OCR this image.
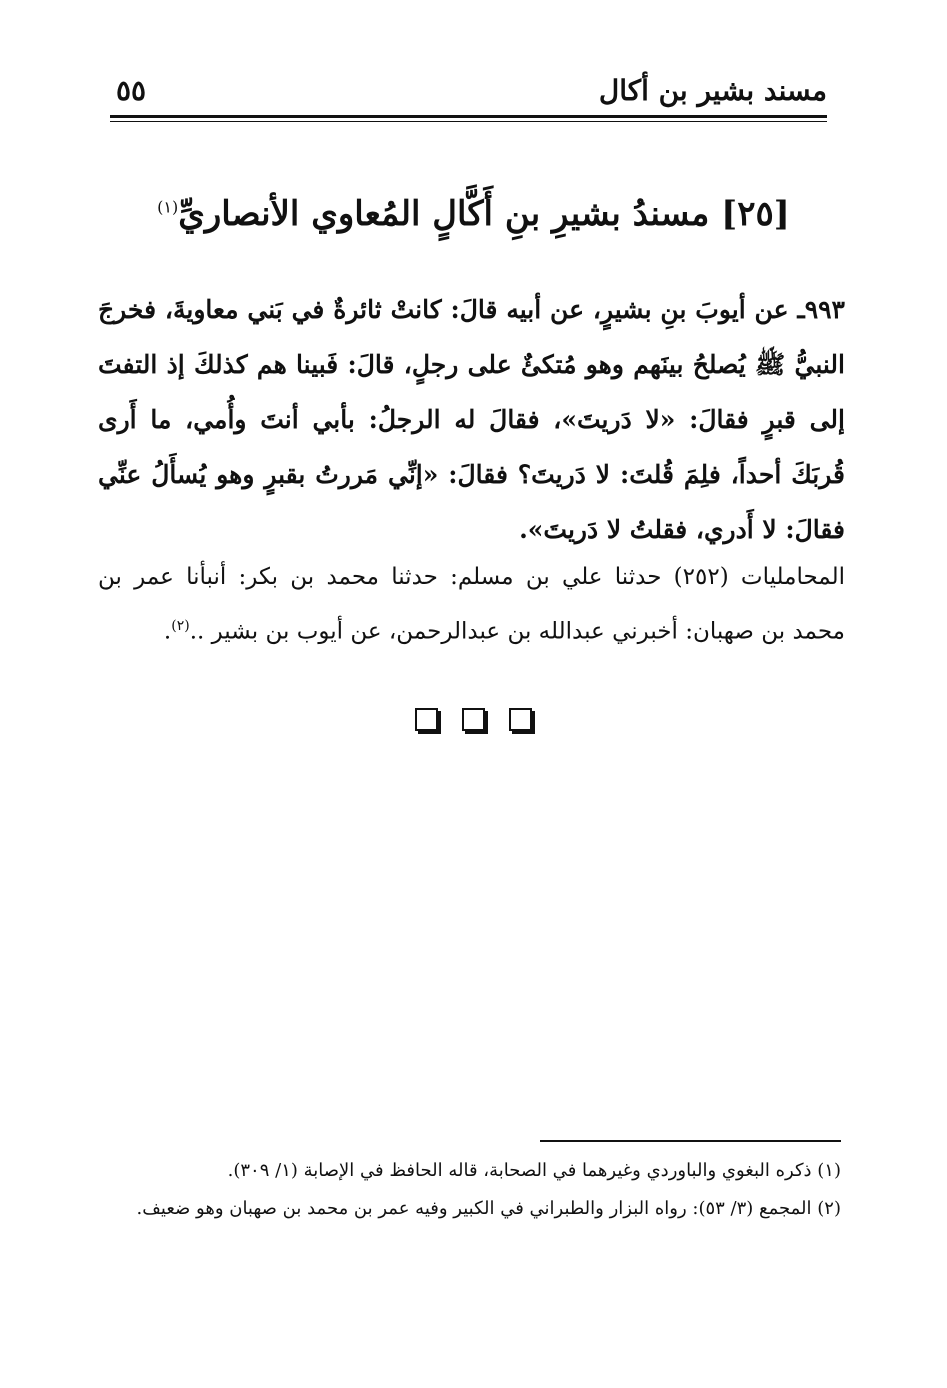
مسند بشير بن أكال
٥٥
[٢٥] مسندُ بشيرِ بنِ أَكَّالٍ المُعاوي الأنصاريِّ$^{(١)}$
٩٩٣ـ عن أيوبَ بنِ بشيرٍ، عن أبيه قالَ: كانتْ ثائرةٌ في بَني معاويةَ، فخرجَ النبيُّ ﷺ يُصلحُ بينَهم وهو مُتكئٌ على رجلٍ، قالَ: فَبينا هم كذلكَ إذ التفتَ إلى قبرٍ فقالَ: «لا دَريتَ»، فقالَ له الرجلُ: بأبي أنتَ وأُمي، ما أَرى قُربَكَ أحداً، فلِمَ قُلتَ: لا دَريتَ؟ فقالَ: «إنِّي مَررتُ بقبرٍ وهو يُسأَلُ عنِّي فقالَ: لا أَدري، فقلتُ لا دَريتَ».
المحامليات (٢٥٢) حدثنا علي بن مسلم: حدثنا محمد بن بكر: أنبأنا عمر بن محمد بن صهبان: أخبرني عبدالله بن عبدالرحمن، عن أيوب بن بشير ..$^{(٢)}$.
(١) ذكره البغوي والباوردي وغيرهما في الصحابة، قاله الحافظ في الإصابة (١/ ٣٠٩).
(٢) المجمع (٣/ ٥٣): رواه البزار والطبراني في الكبير وفيه عمر بن محمد بن صهبان وهو ضعيف.
